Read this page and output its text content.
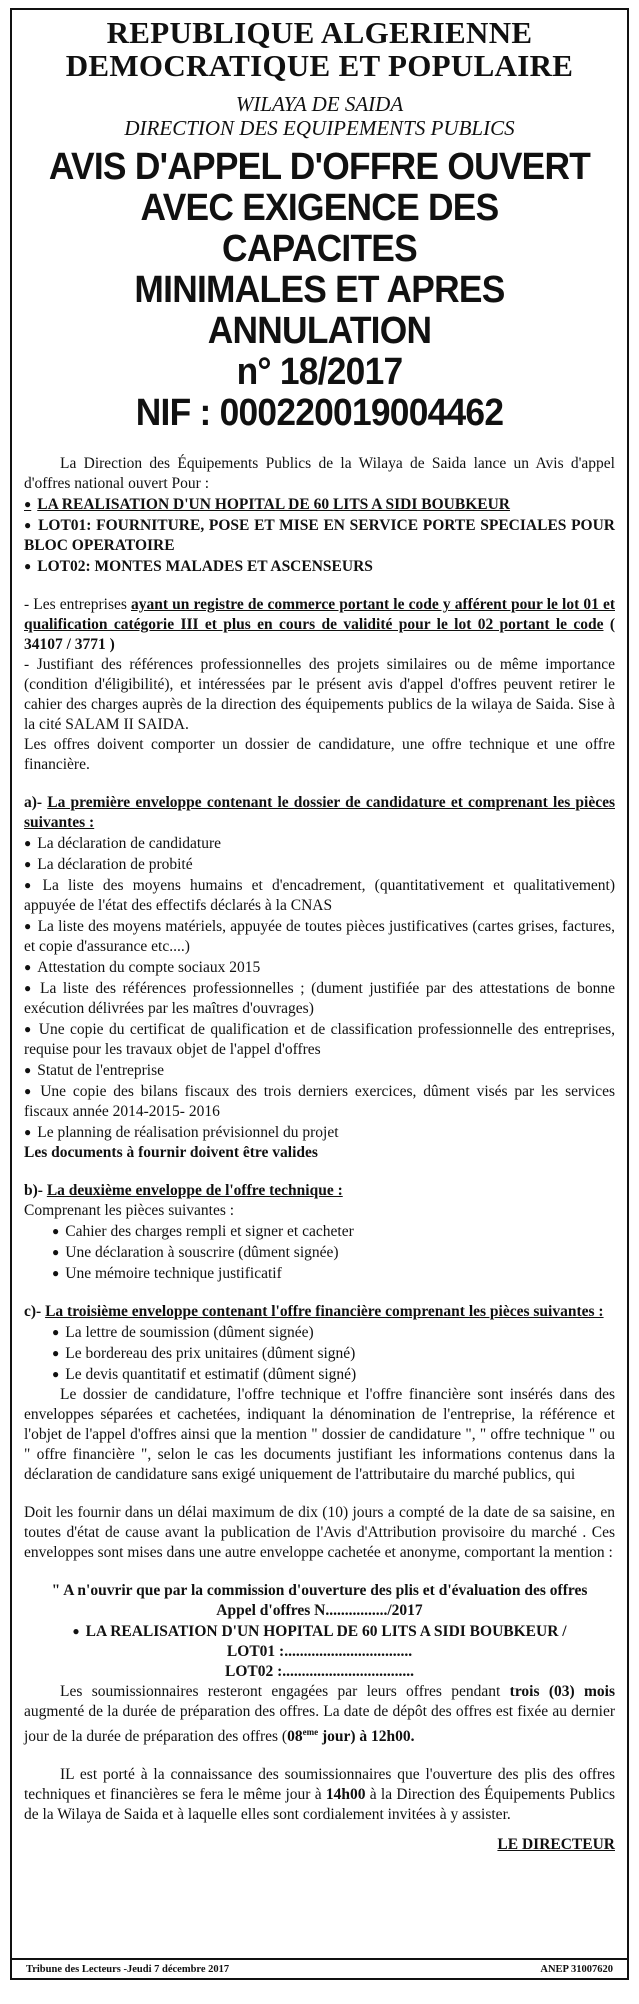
REPUBLIQUE ALGERIENNE
DEMOCRATIQUE ET POPULAIRE
WILAYA DE SAIDA
DIRECTION DES EQUIPEMENTS PUBLICS
AVIS D'APPEL D'OFFRE OUVERT
AVEC EXIGENCE DES CAPACITES
MINIMALES ET APRES ANNULATION
n° 18/2017
NIF : 000220019004462

La Direction des Équipements Publics de la Wilaya de Saida lance un Avis d'appel d'offres national ouvert Pour :

● LA REALISATION D'UN HOPITAL DE 60 LITS A SIDI BOUBKEUR

● LOT01: FOURNITURE, POSE ET MISE EN SERVICE PORTE SPECIALES POUR BLOC OPERATOIRE

● LOT02: MONTES MALADES ET ASCENSEURS

- Les entreprises ayant un registre de commerce portant le code y afférent pour le lot 01 et qualification catégorie III et plus en cours de validité pour le lot 02 portant le code ( 34107 / 3771 )

- Justifiant des références professionnelles des projets similaires ou de même importance (condition d'éligibilité), et intéressées par le présent avis d'appel d'offres peuvent retirer le cahier des charges auprès de la direction des équipements publics de la wilaya de Saida. Sise à la cité SALAM II SAIDA.

Les offres doivent comporter un dossier de candidature, une offre technique et une offre financière.

a)- La première enveloppe contenant le dossier de candidature et comprenant les pièces suivantes :

● La déclaration de candidature

● La déclaration de probité

● La liste des moyens humains et d'encadrement, (quantitativement et qualitativement) appuyée de l'état des effectifs déclarés à la CNAS

● La liste des moyens matériels, appuyée de toutes pièces justificatives (cartes grises, factures, et copie d'assurance etc....)

● Attestation du compte sociaux 2015

● La liste des références professionnelles ; (dument justifiée par des attestations de bonne exécution délivrées par les maîtres d'ouvrages)

● Une copie du certificat de qualification et de classification professionnelle des entreprises, requise pour les travaux objet de l'appel d'offres

● Statut de l'entreprise

● Une copie des bilans fiscaux des trois derniers exercices, dûment visés par les services fiscaux année 2014-2015- 2016

● Le planning de réalisation prévisionnel du projet

Les documents à fournir doivent être valides

b)- La deuxième enveloppe de l'offre technique :

Comprenant les pièces suivantes :

● Cahier des charges rempli et signer et cacheter

● Une déclaration à souscrire (dûment signée)

● Une mémoire technique justificatif

c)- La troisième enveloppe contenant l'offre financière comprenant les pièces suivantes :

● La lettre de soumission (dûment signée)

● Le bordereau des prix unitaires (dûment signé)

● Le devis quantitatif et estimatif (dûment signé)

Le dossier de candidature, l'offre technique et l'offre financière sont insérés dans des enveloppes séparées et cachetées, indiquant la dénomination de l'entreprise, la référence et l'objet de l'appel d'offres ainsi que la mention " dossier de candidature ", " offre technique " ou " offre financière ", selon le cas les documents justifiant les informations contenus dans la déclaration de candidature sans exigé uniquement de l'attributaire du marché publics, qui

Doit les fournir dans un délai maximum de dix (10) jours a compté de la date de sa saisine, en toutes d'état de cause avant la publication de l'Avis d'Attribution provisoire du marché . Ces enveloppes sont mises dans une autre enveloppe cachetée et anonyme, comportant la mention :

" A n'ouvrir que par la commission d'ouverture des plis et d'évaluation des offres

Appel d'offres N................/2017

● LA REALISATION D'UN HOPITAL DE 60 LITS A SIDI BOUBKEUR /

LOT01 :.................................

LOT02 :..................................

Les soumissionnaires resteront engagées par leurs offres pendant trois (03) mois augmenté de la durée de préparation des offres. La date de dépôt des offres est fixée au dernier jour de la durée de préparation des offres (08eme jour) à 12h00.

IL est porté à la connaissance des soumissionnaires que l'ouverture des plis des offres techniques et financières se fera le même jour à 14h00 à la Direction des Équipements Publics de la Wilaya de Saida et à laquelle elles sont cordialement invitées à y assister.

LE DIRECTEUR

Tribune des Lecteurs -Jeudi 7 décembre 2017	ANEP 31007620
